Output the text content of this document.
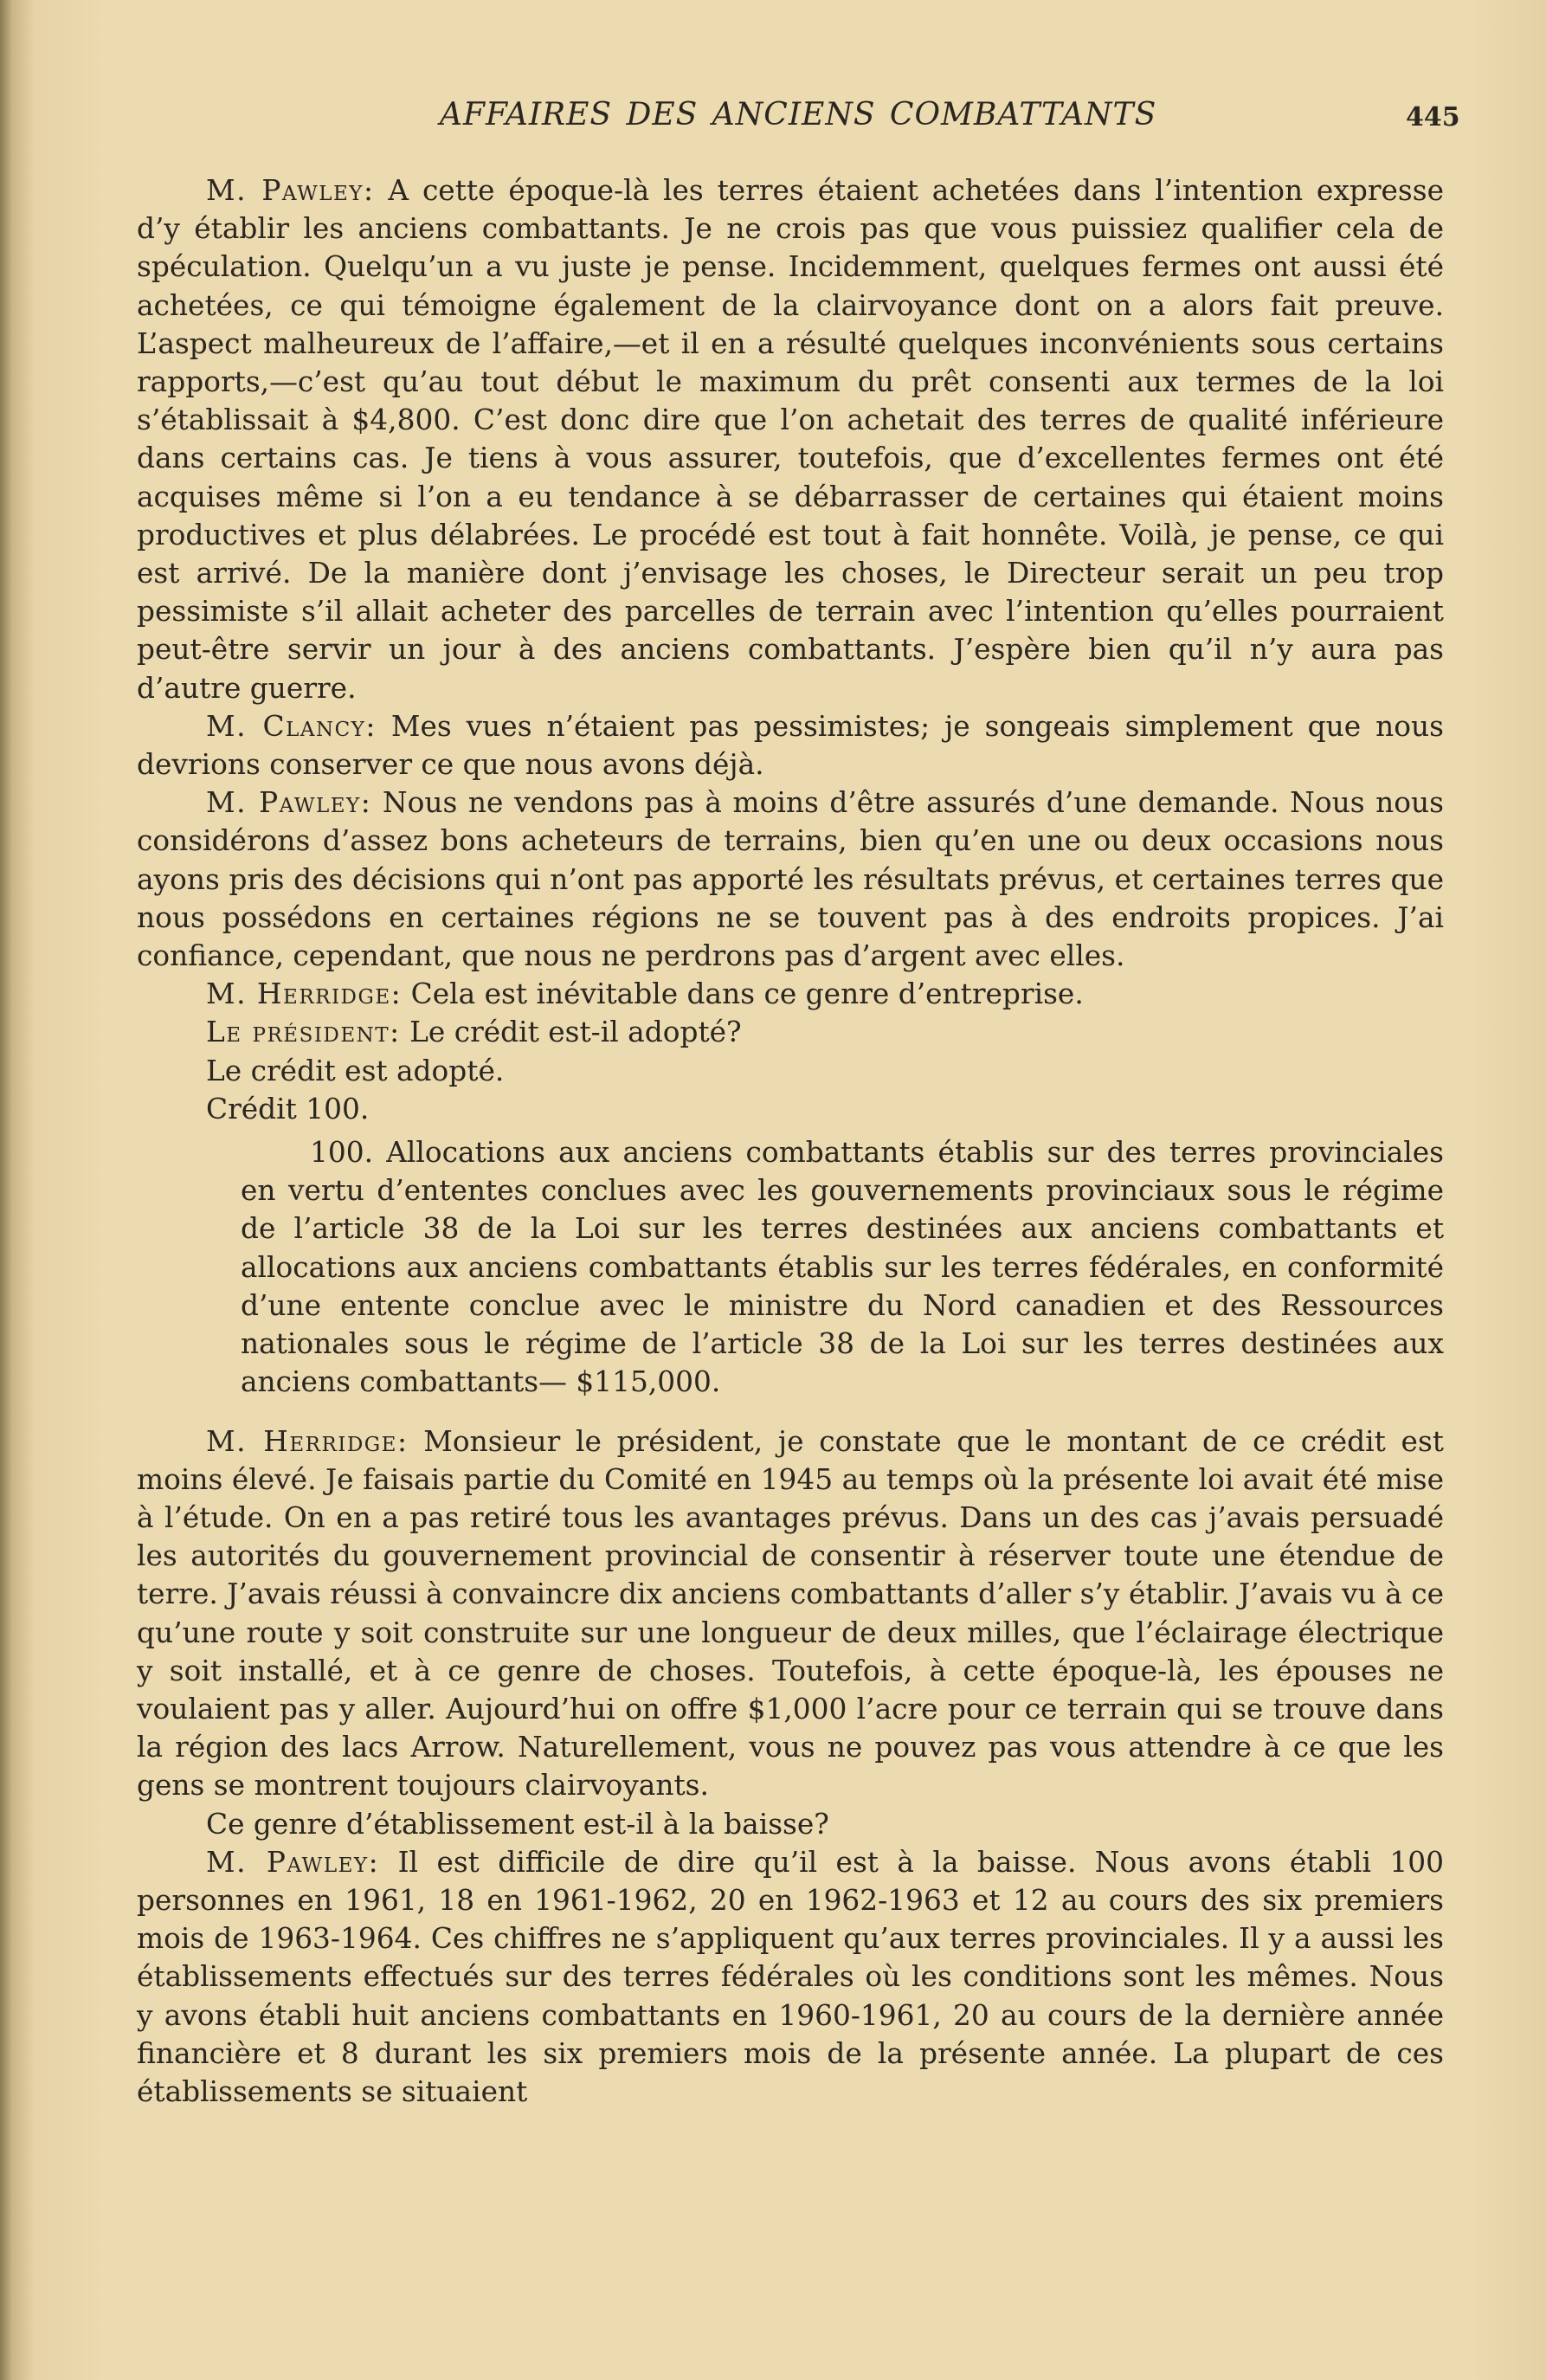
AFFAIRES DES ANCIENS COMBATTANTS	445

M. Pawley: A cette époque-là les terres étaient achetées dans l’intention expresse d’y établir les anciens combattants. Je ne crois pas que vous puissiez qualifier cela de spéculation. Quelqu’un a vu juste je pense. Incidemment, quelques fermes ont aussi été achetées, ce qui témoigne également de la clairvoyance dont on a alors fait preuve. L’aspect malheureux de l’affaire,—et il en a résulté quelques inconvénients sous certains rapports,—c’est qu’au tout début le maximum du prêt consenti aux termes de la loi s’établissait à $4,800. C’est donc dire que l’on achetait des terres de qualité inférieure dans certains cas. Je tiens à vous assurer, toutefois, que d’excellentes fermes ont été acquises même si l’on a eu tendance à se débarrasser de certaines qui étaient moins productives et plus délabrées. Le procédé est tout à fait honnête. Voilà, je pense, ce qui est arrivé. De la manière dont j’envisage les choses, le Directeur serait un peu trop pessimiste s’il allait acheter des parcelles de terrain avec l’intention qu’elles pourraient peut-être servir un jour à des anciens combattants. J’espère bien qu’il n’y aura pas d’autre guerre.

M. Clancy: Mes vues n’étaient pas pessimistes; je songeais simplement que nous devrions conserver ce que nous avons déjà.

M. Pawley: Nous ne vendons pas à moins d’être assurés d’une demande. Nous nous considérons d’assez bons acheteurs de terrains, bien qu’en une ou deux occasions nous ayons pris des décisions qui n’ont pas apporté les résultats prévus, et certaines terres que nous possédons en certaines régions ne se touvent pas à des endroits propices. J’ai confiance, cependant, que nous ne perdrons pas d’argent avec elles.

M. Herridge: Cela est inévitable dans ce genre d’entreprise.

Le président: Le crédit est-il adopté?

Le crédit est adopté.

Crédit 100.

100. Allocations aux anciens combattants établis sur des terres provinciales en vertu d’ententes conclues avec les gouvernements provinciaux sous le régime de l’article 38 de la Loi sur les terres destinées aux anciens combattants et allocations aux anciens combattants établis sur les terres fédérales, en conformité d’une entente conclue avec le ministre du Nord canadien et des Ressources nationales sous le régime de l’article 38 de la Loi sur les terres destinées aux anciens combattants— $115,000.

M. Herridge: Monsieur le président, je constate que le montant de ce crédit est moins élevé. Je faisais partie du Comité en 1945 au temps où la présente loi avait été mise à l’étude. On en a pas retiré tous les avantages prévus. Dans un des cas j’avais persuadé les autorités du gouvernement provincial de consentir à réserver toute une étendue de terre. J’avais réussi à convaincre dix anciens combattants d’aller s’y établir. J’avais vu à ce qu’une route y soit construite sur une longueur de deux milles, que l’éclairage électrique y soit installé, et à ce genre de choses. Toutefois, à cette époque-là, les épouses ne voulaient pas y aller. Aujourd’hui on offre $1,000 l’acre pour ce terrain qui se trouve dans la région des lacs Arrow. Naturellement, vous ne pouvez pas vous attendre à ce que les gens se montrent toujours clairvoyants.

Ce genre d’établissement est-il à la baisse?

M. Pawley: Il est difficile de dire qu’il est à la baisse. Nous avons établi 100 personnes en 1961, 18 en 1961-1962, 20 en 1962-1963 et 12 au cours des six premiers mois de 1963-1964. Ces chiffres ne s’appliquent qu’aux terres provinciales. Il y a aussi les établissements effectués sur des terres fédérales où les conditions sont les mêmes. Nous y avons établi huit anciens combattants en 1960-1961, 20 au cours de la dernière année financière et 8 durant les six premiers mois de la présente année. La plupart de ces établissements se situaient
